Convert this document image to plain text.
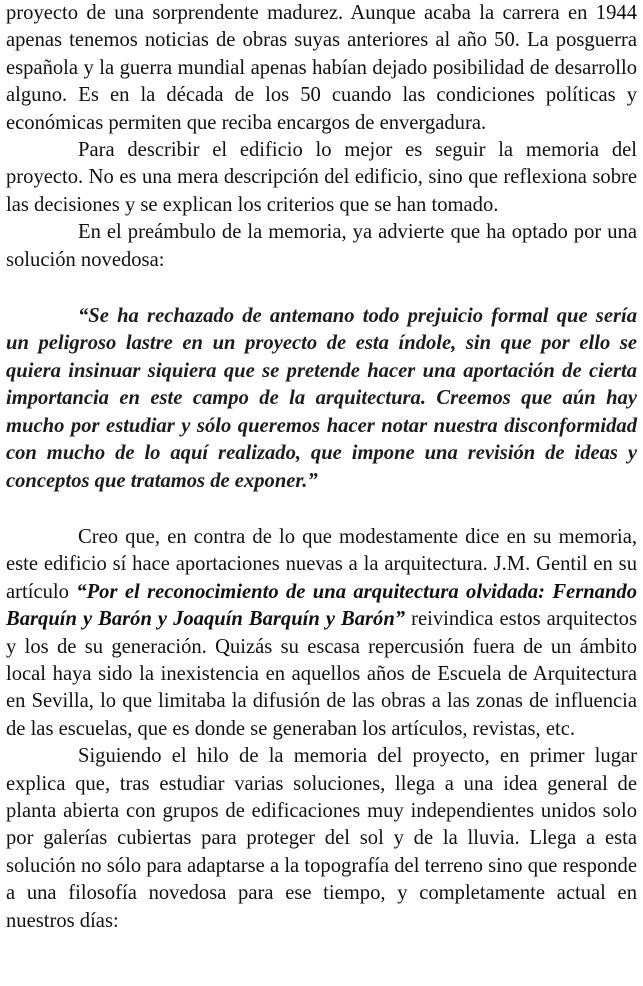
proyecto de una sorprendente madurez. Aunque acaba la carrera en 1944 apenas tenemos noticias de obras suyas anteriores al año 50. La posguerra española y la guerra mundial apenas habían dejado posibilidad de desarrollo alguno. Es en la década de los 50 cuando las condiciones políticas y económicas permiten que reciba encargos de envergadura.

Para describir el edificio lo mejor es seguir la memoria del proyecto. No es una mera descripción del edificio, sino que reflexiona sobre las decisiones y se explican los criterios que se han tomado.

En el preámbulo de la memoria, ya advierte que ha optado por una solución novedosa:

“Se ha rechazado de antemano todo prejuicio formal que sería un peligroso lastre en un proyecto de esta índole, sin que por ello se quiera insinuar siquiera que se pretende hacer una aportación de cierta importancia en este campo de la arquitectura. Creemos que aún hay mucho por estudiar y sólo queremos hacer notar nuestra disconformidad con mucho de lo aquí realizado, que impone una revisión de ideas y conceptos que tratamos de exponer.”

Creo que, en contra de lo que modestamente dice en su memoria, este edificio sí hace aportaciones nuevas a la arquitectura. J.M. Gentil en su artículo “Por el reconocimiento de una arquitectura olvidada: Fernando Barquín y Barón y Joaquín Barquín y Barón” reivindica estos arquitectos y los de su generación. Quizás su escasa repercusión fuera de un ámbito local haya sido la inexistencia en aquellos años de Escuela de Arquitectura en Sevilla, lo que limitaba la difusión de las obras a las zonas de influencia de las escuelas, que es donde se generaban los artículos, revistas, etc.

Siguiendo el hilo de la memoria del proyecto, en primer lugar explica que, tras estudiar varias soluciones, llega a una idea general de planta abierta con grupos de edificaciones muy independientes unidos solo por galerías cubiertas para proteger del sol y de la lluvia. Llega a esta solución no sólo para adaptarse a la topografía del terreno sino que responde a una filosofía novedosa para ese tiempo, y completamente actual en nuestros días:
